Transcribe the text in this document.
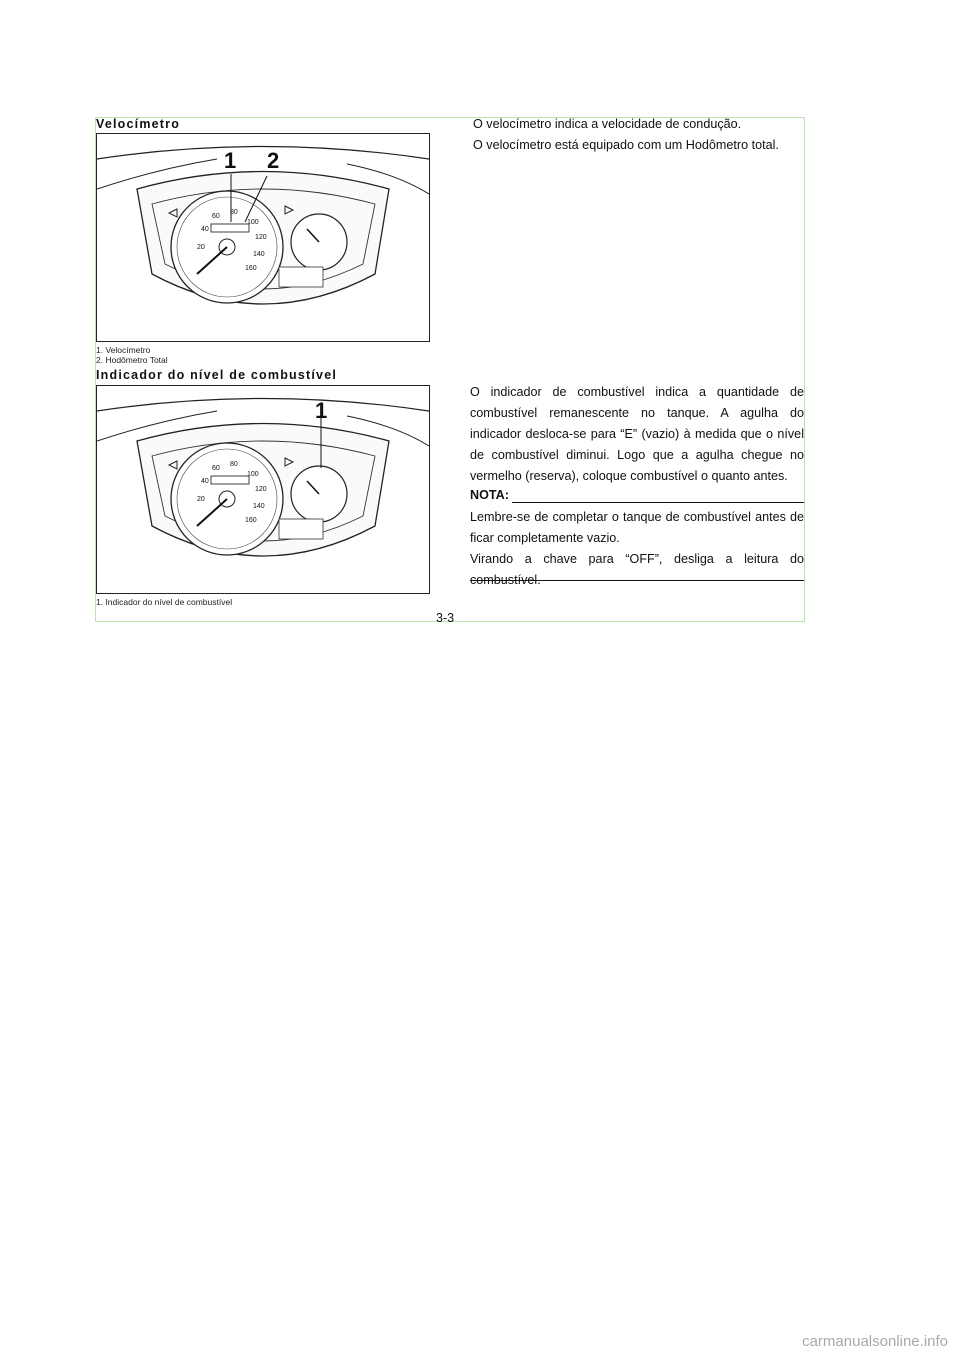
Velocímetro
20
40
60
80
100
120
140
160
1 2
1. Velocímetro
2. Hodômetro Total

O velocímetro indica a velocidade de condução.

O velocímetro está equipado com um Hodômetro total.

Indicador do nível de combustível
20
40
60
80
100
120
140
160
1
1. Indicador do nível de combustível

O indicador de combustível indica a quantidade de combustível remanescente no tanque. A agulha do indicador desloca-se para “E” (vazio) à medida que o nível de combustível diminui. Logo que a agulha chegue no vermelho (reserva), coloque combustível o quanto antes.

NOTA:

Lembre-se de completar o tanque de combustível antes de ficar completamente vazio.

Virando a chave para “OFF”, desliga a leitura do combustível.

3-3
carmanualsonline.info
